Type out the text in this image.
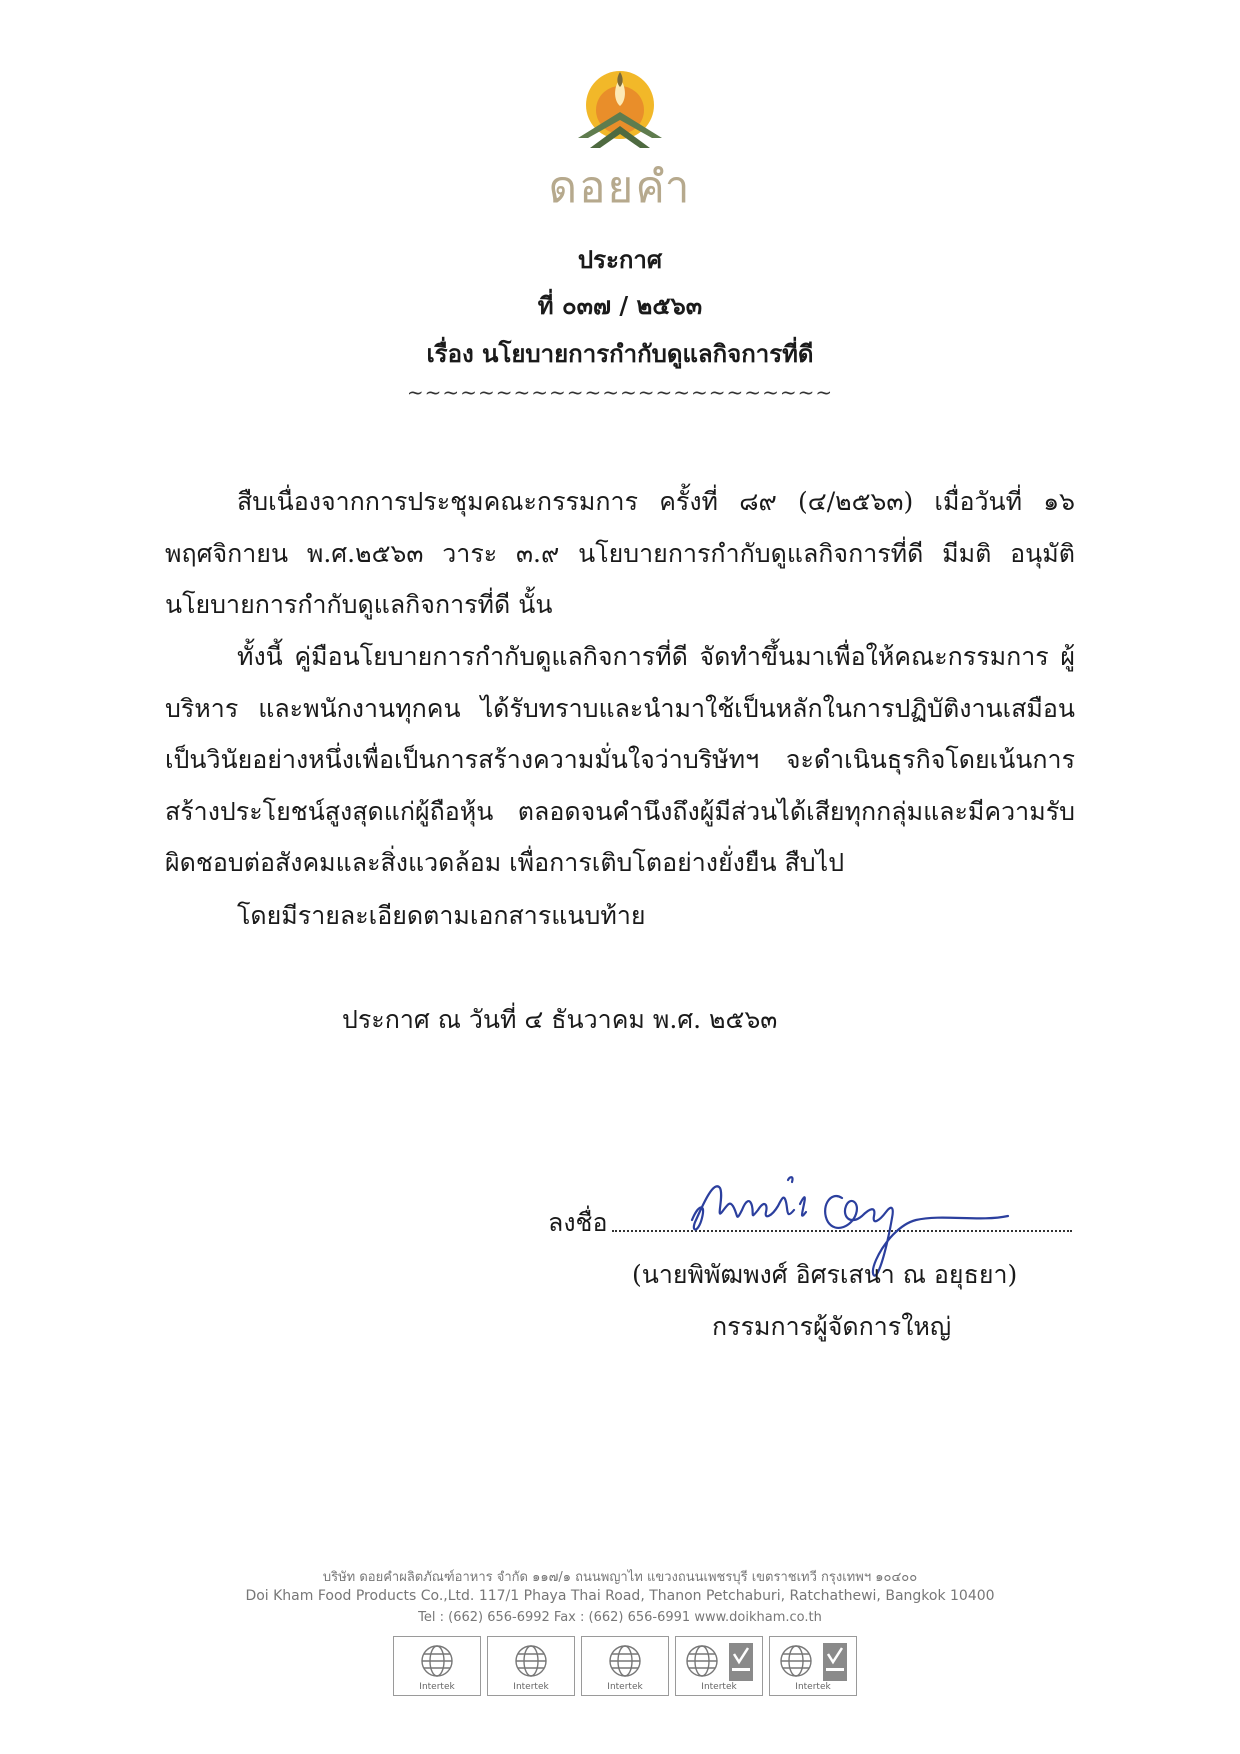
ดอยคำ
ประกาศ
ที่ ๐๓๗ / ๒๕๖๓
เรื่อง นโยบายการกำกับดูแลกิจการที่ดี
~~~~~~~~~~~~~~~~~~~~~~~~
สืบเนื่องจากการประชุมคณะกรรมการ ครั้งที่ ๘๙ (๔/๒๕๖๓) เมื่อวันที่ ๑๖ พฤศจิกายน พ.ศ.๒๕๖๓ วาระ ๓.๙ นโยบายการกำกับดูแลกิจการที่ดี มีมติ อนุมัติ นโยบายการกำกับดูแลกิจการที่ดี นั้น
ทั้งนี้ คู่มือนโยบายการกำกับดูแลกิจการที่ดี จัดทำขึ้นมาเพื่อให้คณะกรรมการ ผู้บริหาร และพนักงานทุกคน ได้รับทราบและนำมาใช้เป็นหลักในการปฏิบัติงานเสมือนเป็นวินัยอย่างหนึ่งเพื่อเป็นการสร้างความมั่นใจว่าบริษัทฯ จะดำเนินธุรกิจโดยเน้นการสร้างประโยชน์สูงสุดแก่ผู้ถือหุ้น ตลอดจนคำนึงถึงผู้มีส่วนได้เสียทุกกลุ่มและมีความรับผิดชอบต่อสังคมและสิ่งแวดล้อม เพื่อการเติบโตอย่างยั่งยืน สืบไป
โดยมีรายละเอียดตามเอกสารแนบท้าย
ประกาศ ณ วันที่ ๔ ธันวาคม พ.ศ. ๒๕๖๓
ลงชื่อ
(นายพิพัฒพงศ์ อิศรเสนา ณ อยุธยา)
กรรมการผู้จัดการใหญ่
บริษัท ดอยคำผลิตภัณฑ์อาหาร จำกัด ๑๑๗/๑ ถนนพญาไท แขวงถนนเพชรบุรี เขตราชเทวี กรุงเทพฯ ๑๐๔๐๐
Doi Kham Food Products Co.,Ltd. 117/1 Phaya Thai Road, Thanon Petchaburi, Ratchathewi, Bangkok 10400
Tel : (662) 656-6992 Fax : (662) 656-6991 www.doikham.co.th
Intertek	Intertek	Intertek	Intertek	Intertek
